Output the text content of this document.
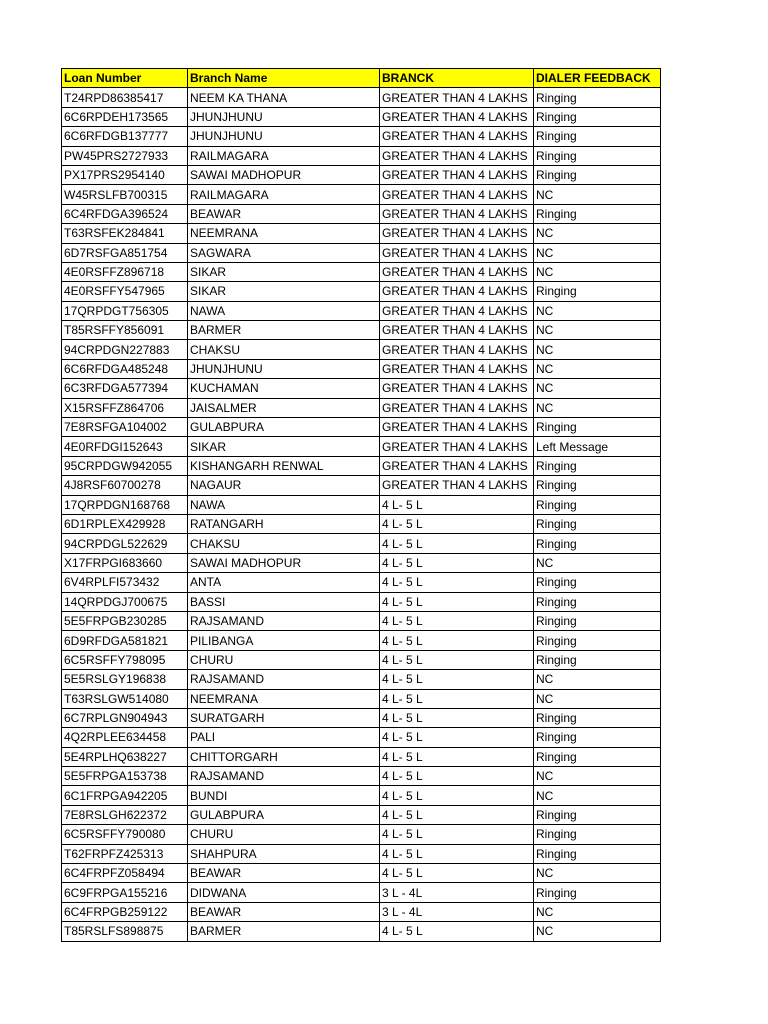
Loan Number	Branch Name	BRANCK	DIALER FEEDBACK
T24RPD86385417	NEEM KA THANA	GREATER THAN 4 LAKHS	Ringing
6C6RPDEH173565	JHUNJHUNU	GREATER THAN 4 LAKHS	Ringing
6C6RFDGB137777	JHUNJHUNU	GREATER THAN 4 LAKHS	Ringing
PW45PRS2727933	RAILMAGARA	GREATER THAN 4 LAKHS	Ringing
PX17PRS2954140	SAWAI MADHOPUR	GREATER THAN 4 LAKHS	Ringing
W45RSLFB700315	RAILMAGARA	GREATER THAN 4 LAKHS	NC
6C4RFDGA396524	BEAWAR	GREATER THAN 4 LAKHS	Ringing
T63RSFEK284841	NEEMRANA	GREATER THAN 4 LAKHS	NC
6D7RSFGA851754	SAGWARA	GREATER THAN 4 LAKHS	NC
4E0RSFFZ896718	SIKAR	GREATER THAN 4 LAKHS	NC
4E0RSFFY547965	SIKAR	GREATER THAN 4 LAKHS	Ringing
17QRPDGT756305	NAWA	GREATER THAN 4 LAKHS	NC
T85RSFFY856091	BARMER	GREATER THAN 4 LAKHS	NC
94CRPDGN227883	CHAKSU	GREATER THAN 4 LAKHS	NC
6C6RFDGA485248	JHUNJHUNU	GREATER THAN 4 LAKHS	NC
6C3RFDGA577394	KUCHAMAN	GREATER THAN 4 LAKHS	NC
X15RSFFZ864706	JAISALMER	GREATER THAN 4 LAKHS	NC
7E8RSFGA104002	GULABPURA	GREATER THAN 4 LAKHS	Ringing
4E0RFDGI152643	SIKAR	GREATER THAN 4 LAKHS	Left Message
95CRPDGW942055	KISHANGARH RENWAL	GREATER THAN 4 LAKHS	Ringing
4J8RSF60700278	NAGAUR	GREATER THAN 4 LAKHS	Ringing
17QRPDGN168768	NAWA	4 L- 5 L	Ringing
6D1RPLEX429928	RATANGARH	4 L- 5 L	Ringing
94CRPDGL522629	CHAKSU	4 L- 5 L	Ringing
X17FRPGI683660	SAWAI MADHOPUR	4 L- 5 L	NC
6V4RPLFI573432	ANTA	4 L- 5 L	Ringing
14QRPDGJ700675	BASSI	4 L- 5 L	Ringing
5E5FRPGB230285	RAJSAMAND	4 L- 5 L	Ringing
6D9RFDGA581821	PILIBANGA	4 L- 5 L	Ringing
6C5RSFFY798095	CHURU	4 L- 5 L	Ringing
5E5RSLGY196838	RAJSAMAND	4 L- 5 L	NC
T63RSLGW514080	NEEMRANA	4 L- 5 L	NC
6C7RPLGN904943	SURATGARH	4 L- 5 L	Ringing
4Q2RPLEE634458	PALI	4 L- 5 L	Ringing
5E4RPLHQ638227	CHITTORGARH	4 L- 5 L	Ringing
5E5FRPGA153738	RAJSAMAND	4 L- 5 L	NC
6C1FRPGA942205	BUNDI	4 L- 5 L	NC
7E8RSLGH622372	GULABPURA	4 L- 5 L	Ringing
6C5RSFFY790080	CHURU	4 L- 5 L	Ringing
T62FRPFZ425313	SHAHPURA	4 L- 5 L	Ringing
6C4FRPFZ058494	BEAWAR	4 L- 5 L	NC
6C9FRPGA155216	DIDWANA	3 L - 4L	Ringing
6C4FRPGB259122	BEAWAR	3 L - 4L	NC
T85RSLFS898875	BARMER	4 L- 5 L	NC
